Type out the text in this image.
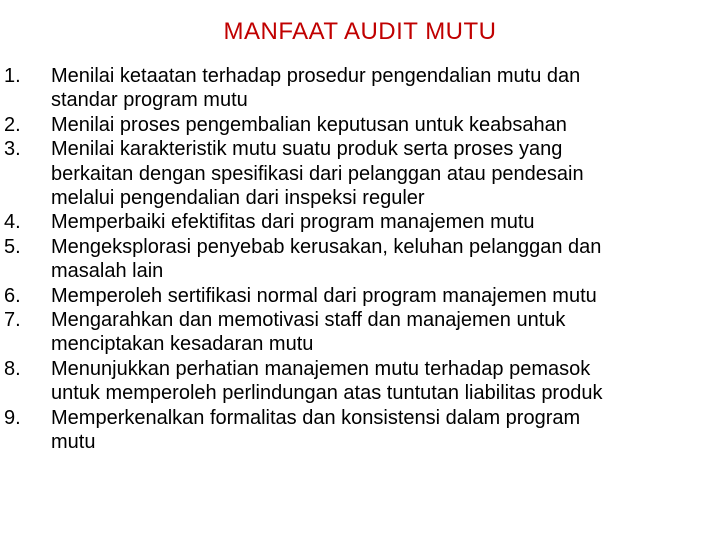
MANFAAT AUDIT MUTU
1.	Menilai ketaatan terhadap prosedur pengendalian mutu dan
standar program mutu
2.	Menilai proses pengembalian keputusan untuk keabsahan
3.	Menilai karakteristik mutu suatu produk serta proses yang
berkaitan dengan spesifikasi dari pelanggan atau pendesain
melalui pengendalian dari inspeksi reguler
4.	Memperbaiki efektifitas dari program manajemen mutu
5.	Mengeksplorasi penyebab kerusakan, keluhan pelanggan dan
masalah lain
6.	Memperoleh sertifikasi normal dari program manajemen mutu
7.	Mengarahkan dan memotivasi staff dan manajemen untuk
menciptakan kesadaran mutu
8.	Menunjukkan perhatian manajemen mutu terhadap pemasok
untuk memperoleh perlindungan atas tuntutan liabilitas produk
9.	Memperkenalkan formalitas dan konsistensi dalam program
mutu
